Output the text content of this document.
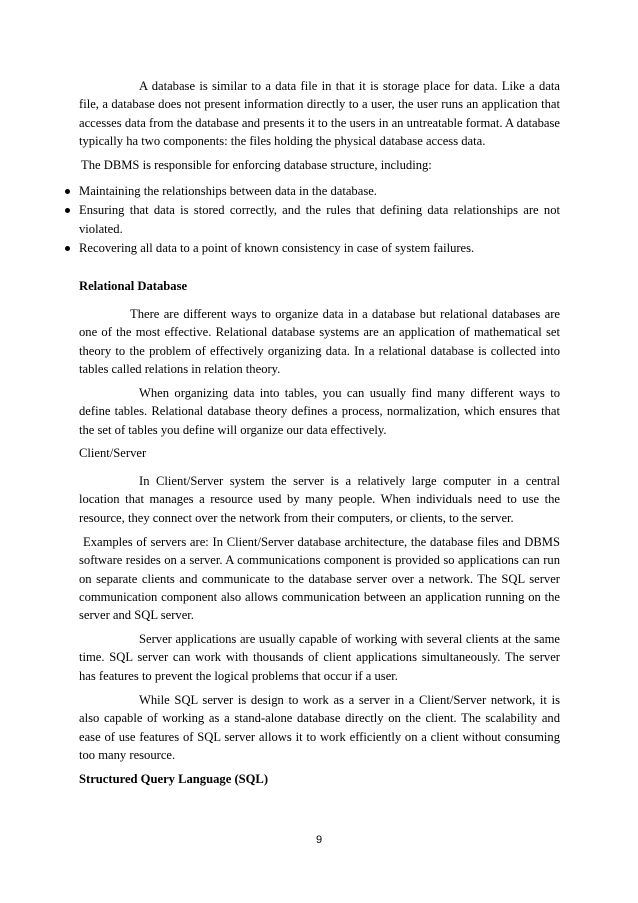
A database is similar to a data file in that it is storage place for data. Like a data file, a database does not present information directly to a user, the user runs an application that accesses data from the database and presents it to the users in an untreatable format. A database typically ha two components: the files holding the physical database access data.

The DBMS is responsible for enforcing database structure, including:

Maintaining the relationships between data in the database.
Ensuring that data is stored correctly, and the rules that defining data relationships are not violated.
Recovering all data to a point of known consistency in case of system failures.

Relational Database

There are different ways to organize data in a database but relational databases are one of the most effective. Relational database systems are an application of mathematical set theory to the problem of effectively organizing data. In a relational database is collected into tables called relations in relation theory.

When organizing data into tables, you can usually find many different ways to define tables. Relational database theory defines a process, normalization, which ensures that the set of tables you define will organize our data effectively.

Client/Server

In Client/Server system the server is a relatively large computer in a central location that manages a resource used by many people. When individuals need to use the resource, they connect over the network from their computers, or clients, to the server.

Examples of servers are: In Client/Server database architecture, the database files and DBMS software resides on a server. A communications component is provided so applications can run on separate clients and communicate to the database server over a network. The SQL server communication component also allows communication between an application running on the server and SQL server.

Server applications are usually capable of working with several clients at the same time. SQL server can work with thousands of client applications simultaneously. The server has features to prevent the logical problems that occur if a user.

While SQL server is design to work as a server in a Client/Server network, it is also capable of working as a stand-alone database directly on the client. The scalability and ease of use features of SQL server allows it to work efficiently on a client without consuming too many resource.

Structured Query Language (SQL)

9
